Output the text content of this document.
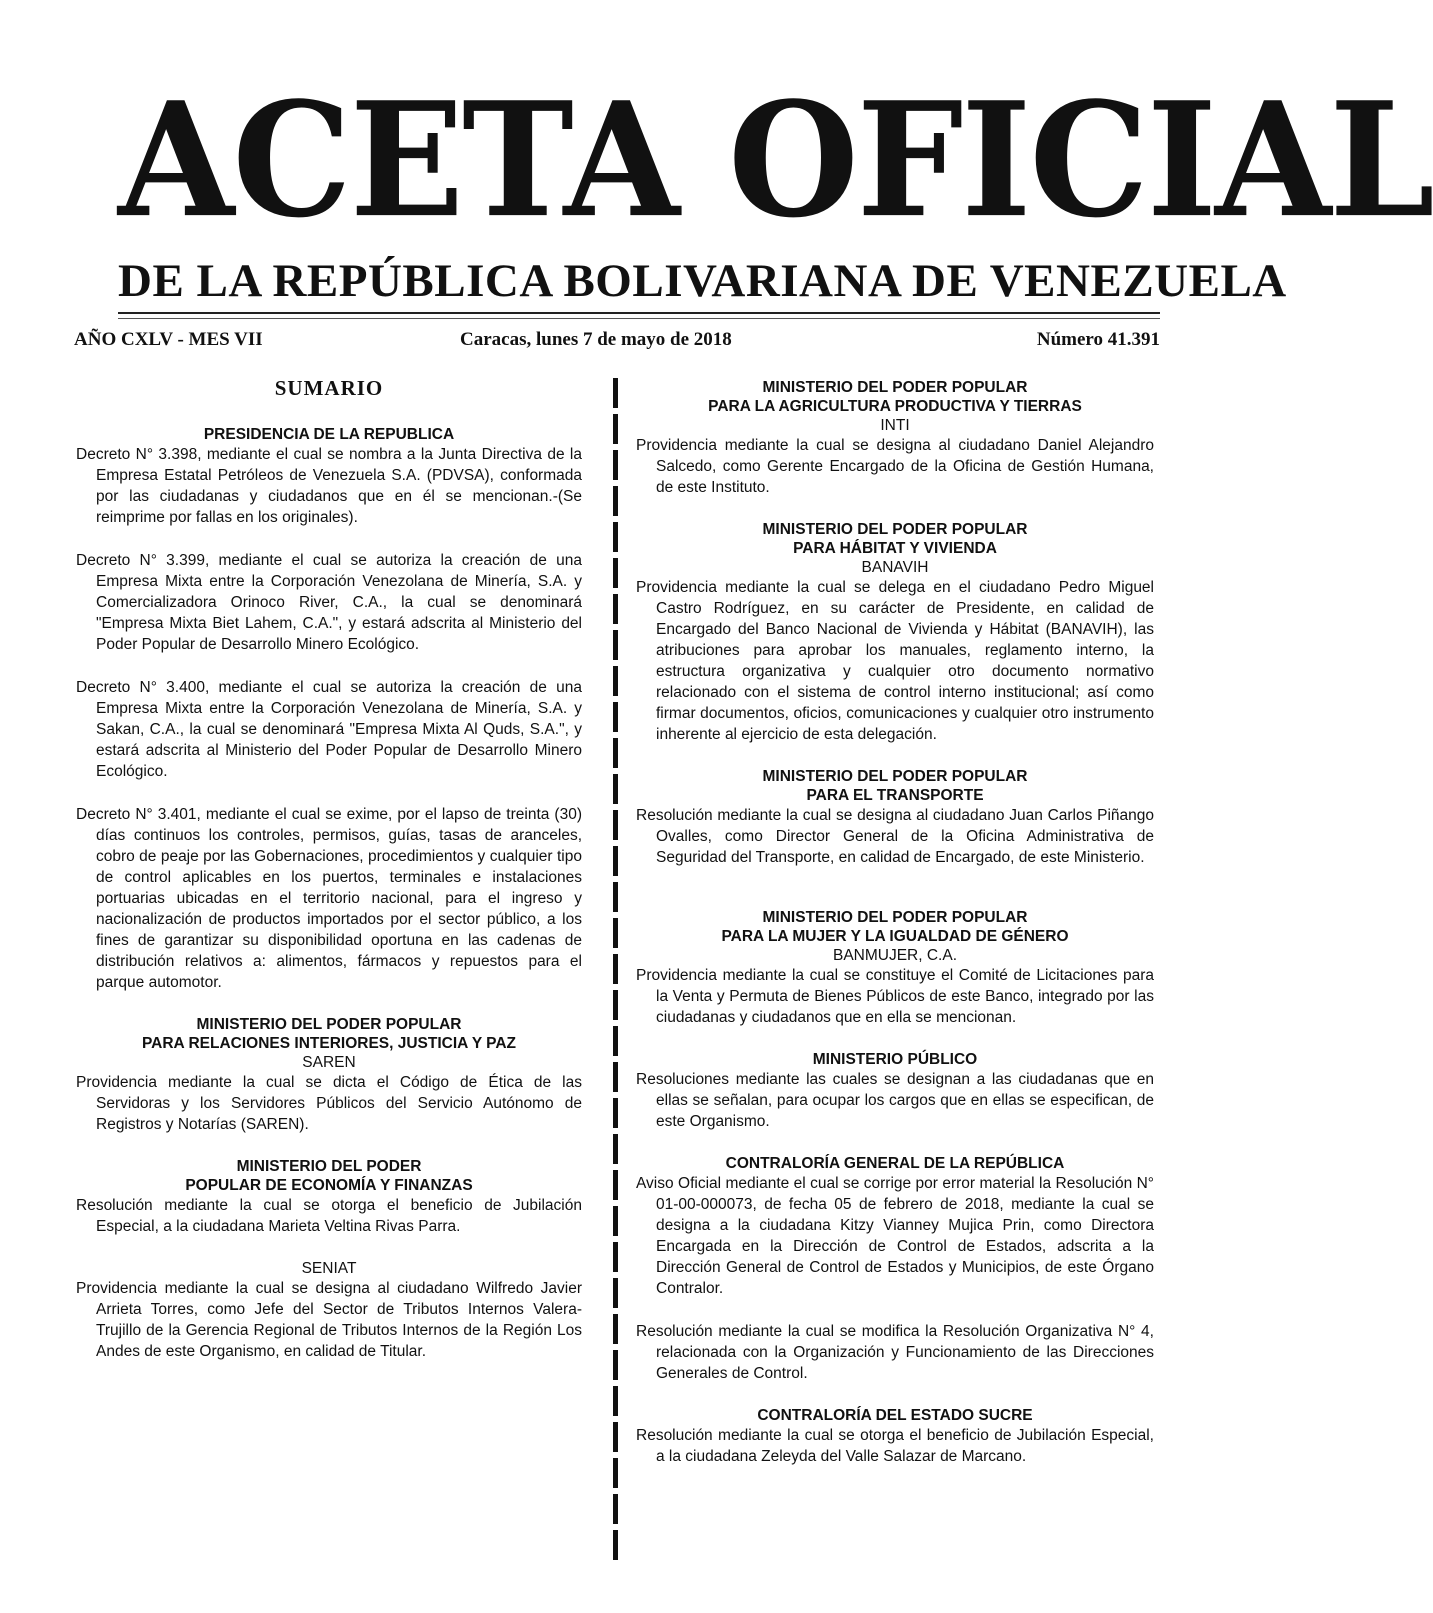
ACETA OFICIAL
DE LA REPÚBLICA BOLIVARIANA DE VENEZUELA
AÑO CXLV - MES VII	Caracas, lunes 7 de mayo de 2018	Número 41.391
SUMARIO

PRESIDENCIA DE LA REPUBLICA

Decreto N° 3.398, mediante el cual se nombra a la Junta Directiva de la Empresa Estatal Petróleos de Venezuela S.A. (PDVSA), conformada por las ciudadanas y ciudadanos que en él se mencionan.-(Se reimprime por fallas en los originales).

Decreto N° 3.399, mediante el cual se autoriza la creación de una Empresa Mixta entre la Corporación Venezolana de Minería, S.A. y Comercializadora Orinoco River, C.A., la cual se denominará "Empresa Mixta Biet Lahem, C.A.", y estará adscrita al Ministerio del Poder Popular de Desarrollo Minero Ecológico.

Decreto N° 3.400, mediante el cual se autoriza la creación de una Empresa Mixta entre la Corporación Venezolana de Minería, S.A. y Sakan, C.A., la cual se denominará "Empresa Mixta Al Quds, S.A.", y estará adscrita al Ministerio del Poder Popular de Desarrollo Minero Ecológico.

Decreto N° 3.401, mediante el cual se exime, por el lapso de treinta (30) días continuos los controles, permisos, guías, tasas de aranceles, cobro de peaje por las Gobernaciones, procedimientos y cualquier tipo de control aplicables en los puertos, terminales e instalaciones portuarias ubicadas en el territorio nacional, para el ingreso y nacionalización de productos importados por el sector público, a los fines de garantizar su disponibilidad oportuna en las cadenas de distribución relativos a: alimentos, fármacos y repuestos para el parque automotor.

MINISTERIO DEL PODER POPULAR

PARA RELACIONES INTERIORES, JUSTICIA Y PAZ

SAREN

Providencia mediante la cual se dicta el Código de Ética de las Servidoras y los Servidores Públicos del Servicio Autónomo de Registros y Notarías (SAREN).

MINISTERIO DEL PODER

POPULAR DE ECONOMÍA Y FINANZAS

Resolución mediante la cual se otorga el beneficio de Jubilación Especial, a la ciudadana Marieta Veltina Rivas Parra.

SENIAT

Providencia mediante la cual se designa al ciudadano Wilfredo Javier Arrieta Torres, como Jefe del Sector de Tributos Internos Valera-Trujillo de la Gerencia Regional de Tributos Internos de la Región Los Andes de este Organismo, en calidad de Titular.

MINISTERIO DEL PODER POPULAR

PARA LA AGRICULTURA PRODUCTIVA Y TIERRAS

INTI

Providencia mediante la cual se designa al ciudadano Daniel Alejandro Salcedo, como Gerente Encargado de la Oficina de Gestión Humana, de este Instituto.

MINISTERIO DEL PODER POPULAR

PARA HÁBITAT Y VIVIENDA

BANAVIH

Providencia mediante la cual se delega en el ciudadano Pedro Miguel Castro Rodríguez, en su carácter de Presidente, en calidad de Encargado del Banco Nacional de Vivienda y Hábitat (BANAVIH), las atribuciones para aprobar los manuales, reglamento interno, la estructura organizativa y cualquier otro documento normativo relacionado con el sistema de control interno institucional; así como firmar documentos, oficios, comunicaciones y cualquier otro instrumento inherente al ejercicio de esta delegación.

MINISTERIO DEL PODER POPULAR

PARA EL TRANSPORTE

Resolución mediante la cual se designa al ciudadano Juan Carlos Piñango Ovalles, como Director General de la Oficina Administrativa de Seguridad del Transporte, en calidad de Encargado, de este Ministerio.

MINISTERIO DEL PODER POPULAR

PARA LA MUJER Y LA IGUALDAD DE GÉNERO

BANMUJER, C.A.

Providencia mediante la cual se constituye el Comité de Licitaciones para la Venta y Permuta de Bienes Públicos de este Banco, integrado por las ciudadanas y ciudadanos que en ella se mencionan.

MINISTERIO PÚBLICO

Resoluciones mediante las cuales se designan a las ciudadanas que en ellas se señalan, para ocupar los cargos que en ellas se especifican, de este Organismo.

CONTRALORÍA GENERAL DE LA REPÚBLICA

Aviso Oficial mediante el cual se corrige por error material la Resolución N° 01-00-000073, de fecha 05 de febrero de 2018, mediante la cual se designa a la ciudadana Kitzy Vianney Mujica Prin, como Directora Encargada en la Dirección de Control de Estados, adscrita a la Dirección General de Control de Estados y Municipios, de este Órgano Contralor.

Resolución mediante la cual se modifica la Resolución Organizativa N° 4, relacionada con la Organización y Funcionamiento de las Direcciones Generales de Control.

CONTRALORÍA DEL ESTADO SUCRE

Resolución mediante la cual se otorga el beneficio de Jubilación Especial, a la ciudadana Zeleyda del Valle Salazar de Marcano.
